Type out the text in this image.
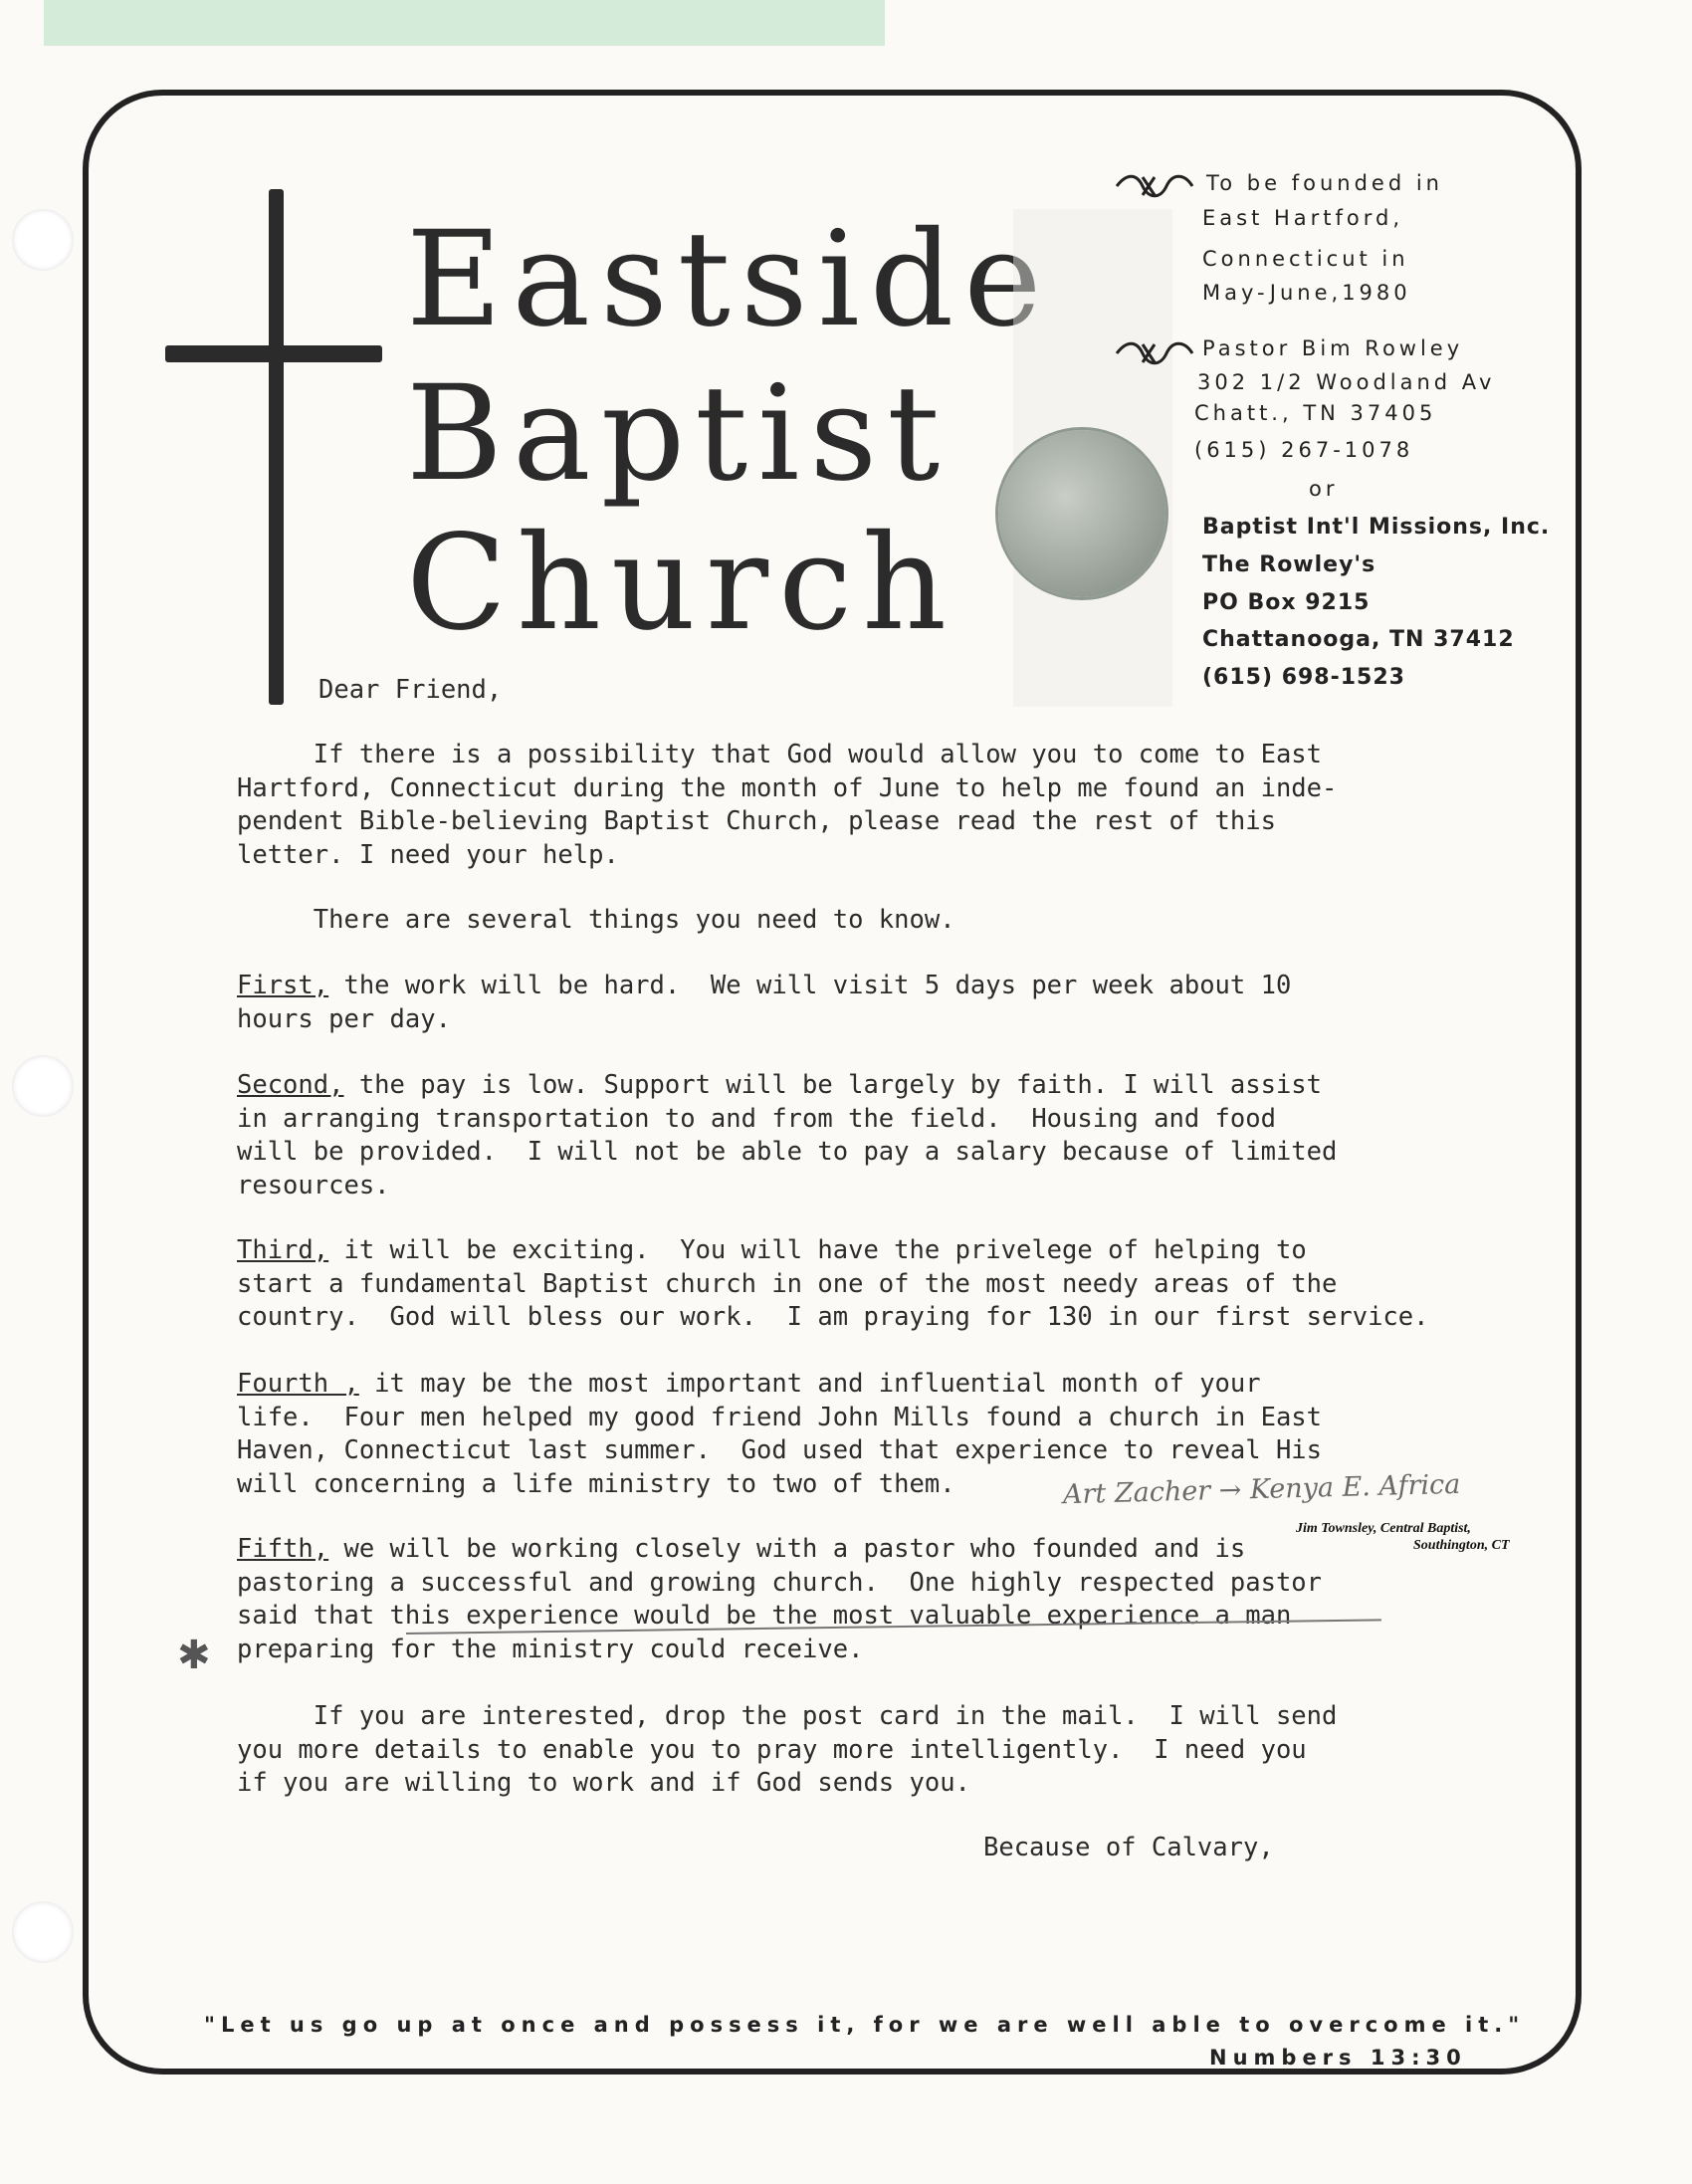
Eastside
Baptist
Church
To be founded in
East Hartford,
Connecticut in
May-June,1980
Pastor Bim Rowley
302 1/2 Woodland Av
Chatt., TN 37405
(615) 267-1078
or
Baptist Int'l Missions, Inc.
The Rowley's
PO Box 9215
Chattanooga, TN 37412
(615) 698-1523
Dear Friend,
If there is a possibility that God would allow you to come to East
Hartford, Connecticut during the month of June to help me found an inde-
pendent Bible-believing Baptist Church, please read the rest of this
letter. I need your help.
There are several things you need to know.
First, the work will be hard.  We will visit 5 days per week about 10
hours per day.
Second, the pay is low. Support will be largely by faith. I will assist
in arranging transportation to and from the field.  Housing and food
will be provided.  I will not be able to pay a salary because of limited
resources.
Third, it will be exciting.  You will have the privelege of helping to
start a fundamental Baptist church in one of the most needy areas of the
country.  God will bless our work.  I am praying for 130 in our first service.
Fourth , it may be the most important and influential month of your
life.  Four men helped my good friend John Mills found a church in East
Haven, Connecticut last summer.  God used that experience to reveal His
will concerning a life ministry to two of them.
Fifth, we will be working closely with a pastor who founded and is
pastoring a successful and growing church.  One highly respected pastor
said that this experience would be the most valuable experience a man
preparing for the ministry could receive.
If you are interested, drop the post card in the mail.  I will send
you more details to enable you to pray more intelligently.  I need you
if you are willing to work and if God sends you.
Because of Calvary,
Art Zacher → Kenya E. Africa
Jim Townsley, Central Baptist,
Southington, CT
✱
"Let us go up at once and possess it, for we are well able to overcome it."
Numbers 13:30
